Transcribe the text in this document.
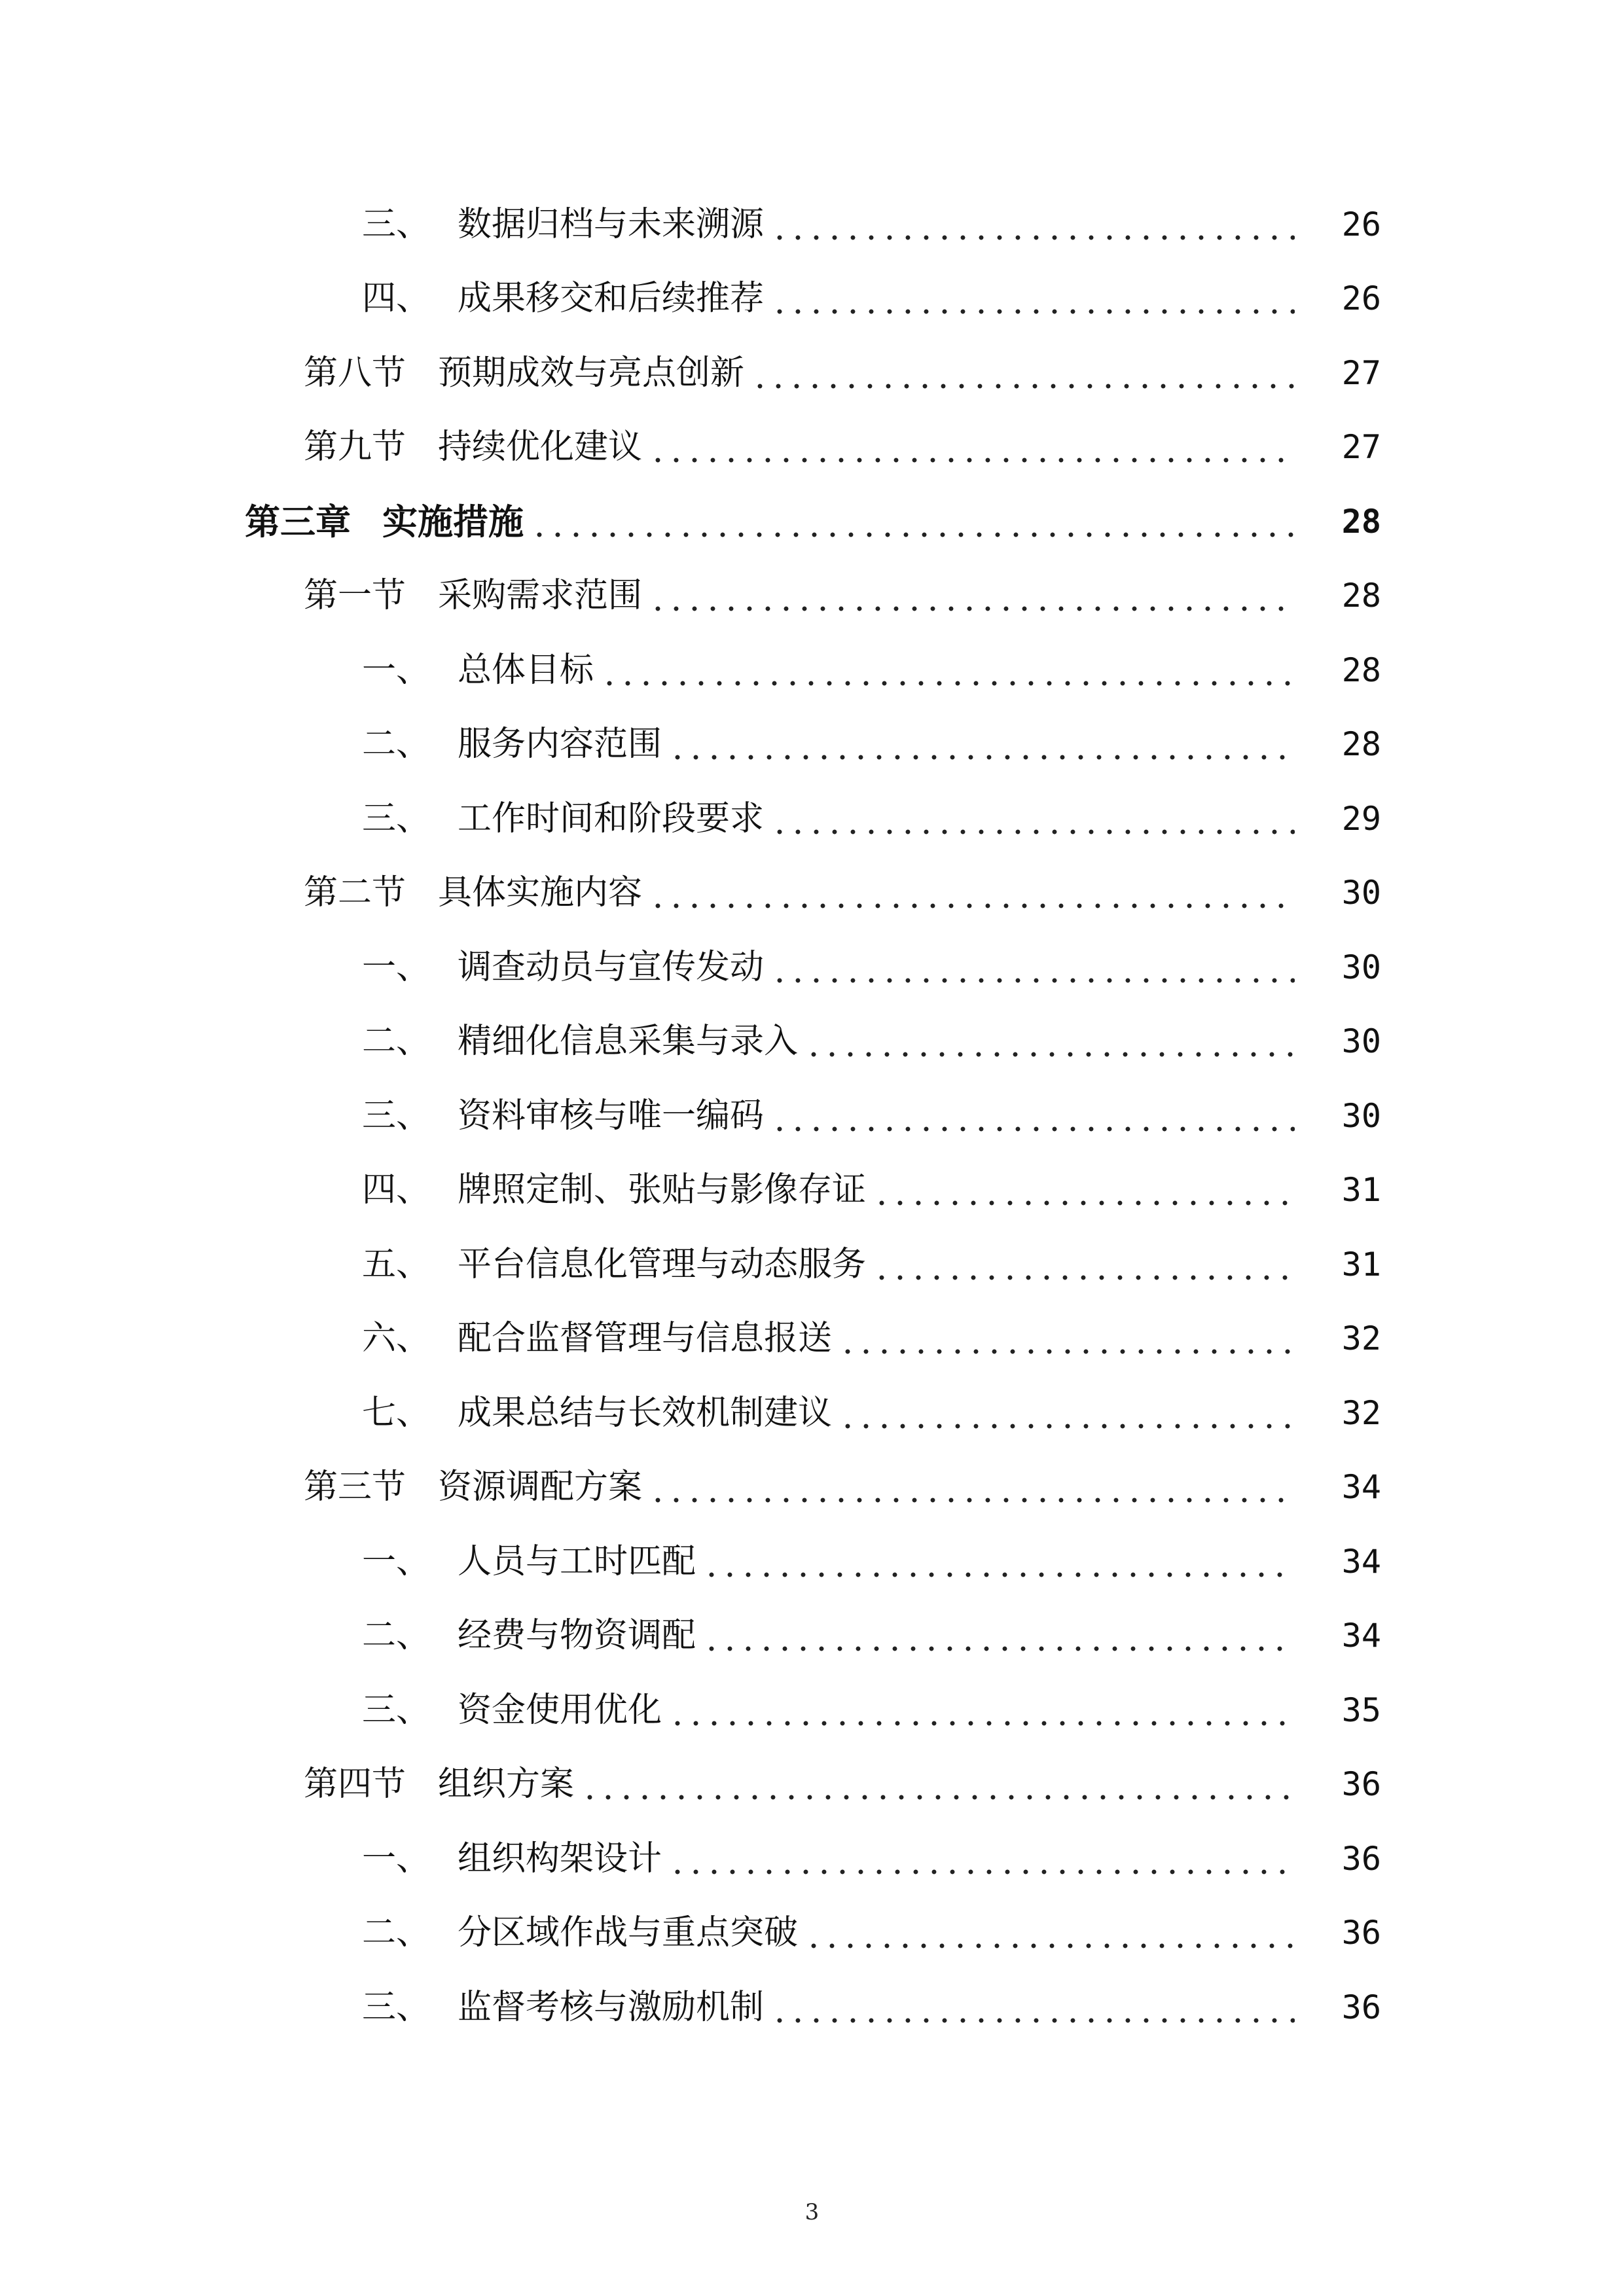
三、 数据归档与未来溯源	26
四、 成果移交和后续推荐	26
第八节 预期成效与亮点创新	27
第九节 持续优化建议	27
第三章 实施措施	28
第一节 采购需求范围	28
一、 总体目标	28
二、 服务内容范围	28
三、 工作时间和阶段要求	29
第二节 具体实施内容	30
一、 调查动员与宣传发动	30
二、 精细化信息采集与录入	30
三、 资料审核与唯一编码	30
四、 牌照定制、张贴与影像存证	31
五、 平台信息化管理与动态服务	31
六、 配合监督管理与信息报送	32
七、 成果总结与长效机制建议	32
第三节 资源调配方案	34
一、 人员与工时匹配	34
二、 经费与物资调配	34
三、 资金使用优化	35
第四节 组织方案	36
一、 组织构架设计	36
二、 分区域作战与重点突破	36
三、 监督考核与激励机制	36
3
